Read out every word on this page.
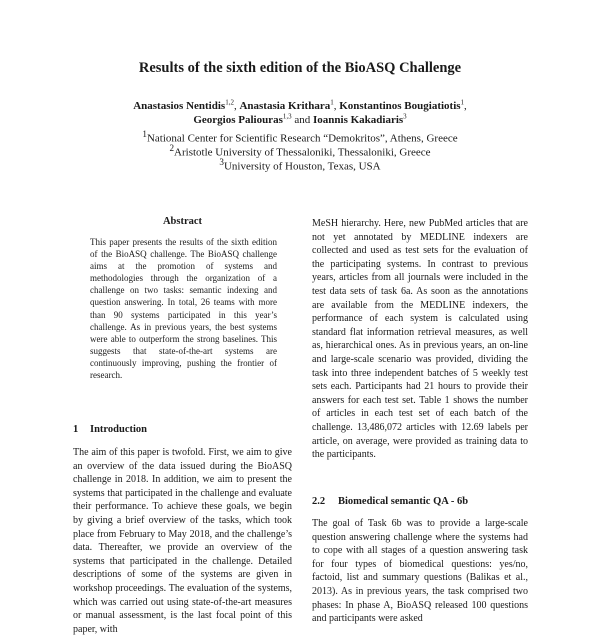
Results of the sixth edition of the BioASQ Challenge
Anastasios Nentidis$^{1,2}$, Anastasia Krithara$^1$, Konstantinos Bougiatiotis$^1$,
Georgios Paliouras$^{1,3}$ and Ioannis Kakadiaris$^3$
$^1$National Center for Scientific Research “Demokritos”, Athens, Greece
$^2$Aristotle University of Thessaloniki, Thessaloniki, Greece
$^3$University of Houston, Texas, USA
Abstract
This paper presents the results of the sixth edition of the BioASQ challenge. The BioASQ challenge aims at the promotion of systems and methodologies through the organization of a challenge on two tasks: semantic indexing and question answering. In total, 26 teams with more than 90 systems participated in this year’s challenge. As in previous years, the best systems were able to outperform the strong baselines. This suggests that state-of-the-art systems are continuously improving, pushing the frontier of research.
1 Introduction

The aim of this paper is twofold. First, we aim to give an overview of the data issued during the BioASQ challenge in 2018. In addition, we aim to present the systems that participated in the challenge and evaluate their performance. To achieve these goals, we begin by giving a brief overview of the tasks, which took place from February to May 2018, and the challenge’s data. Thereafter, we provide an overview of the systems that participated in the challenge. Detailed descriptions of some of the systems are given in workshop proceedings. The evaluation of the systems, which was carried out using state-of-the-art measures or manual assessment, is the last focal point of this paper, with

MeSH hierarchy. Here, new PubMed articles that are not yet annotated by MEDLINE indexers are collected and used as test sets for the evaluation of the participating systems. In contrast to previous years, articles from all journals were included in the test data sets of task 6a. As soon as the annotations are available from the MEDLINE indexers, the performance of each system is calculated using standard flat information retrieval measures, as well as, hierarchical ones. As in previous years, an on-line and large-scale scenario was provided, dividing the task into three independent batches of 5 weekly test sets each. Participants had 21 hours to provide their answers for each test set. Table 1 shows the number of articles in each test set of each batch of the challenge. 13,486,072 articles with 12.69 labels per article, on average, were provided as training data to the participants.
2.2 Biomedical semantic QA - 6b
The goal of Task 6b was to provide a large-scale question answering challenge where the systems had to cope with all stages of a question answering task for four types of biomedical questions: yes/no, factoid, list and summary questions (Balikas et al., 2013). As in previous years, the task comprised two phases: In phase A, BioASQ released 100 questions and participants were asked
